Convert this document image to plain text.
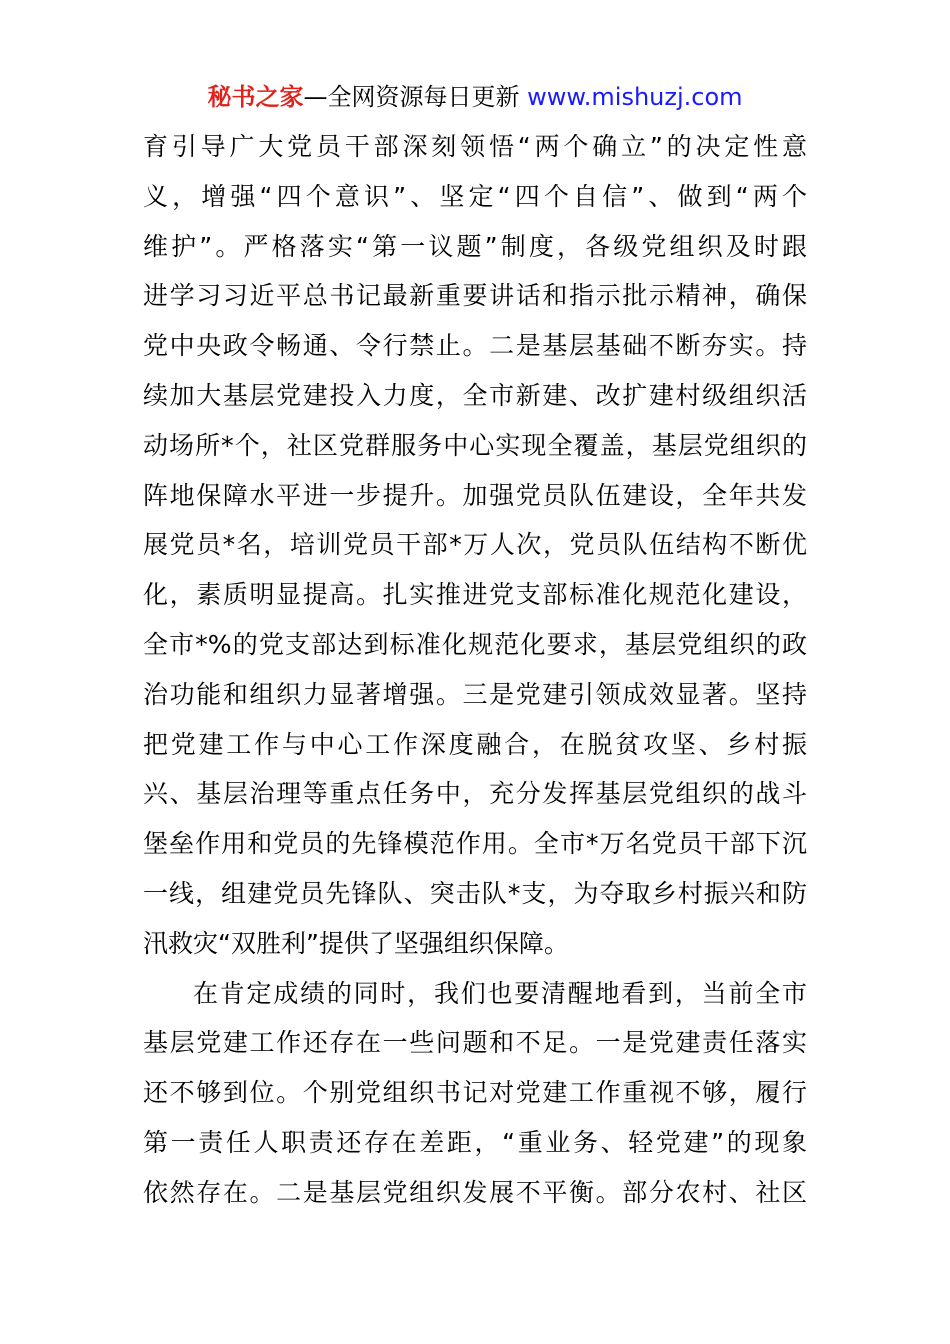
秘书之家—全网资源每日更新 www.mishuzj.com
育引导广大党员干部深刻领悟“两个确立”的决定性意
义，增强“四个意识”、坚定“四个自信”、做到“两个
维护”。严格落实“第一议题”制度，各级党组织及时跟
进学习习近平总书记最新重要讲话和指示批示精神，确保
党中央政令畅通、令行禁止。二是基层基础不断夯实。持
续加大基层党建投入力度，全市新建、改扩建村级组织活
动场所*个，社区党群服务中心实现全覆盖，基层党组织的
阵地保障水平进一步提升。加强党员队伍建设，全年共发
展党员*名，培训党员干部*万人次，党员队伍结构不断优
化，素质明显提高。扎实推进党支部标准化规范化建设，
全市*%的党支部达到标准化规范化要求，基层党组织的政
治功能和组织力显著增强。三是党建引领成效显著。坚持
把党建工作与中心工作深度融合，在脱贫攻坚、乡村振
兴、基层治理等重点任务中，充分发挥基层党组织的战斗
堡垒作用和党员的先锋模范作用。全市*万名党员干部下沉
一线，组建党员先锋队、突击队*支，为夺取乡村振兴和防
汛救灾“双胜利”提供了坚强组织保障。
在肯定成绩的同时，我们也要清醒地看到，当前全市
基层党建工作还存在一些问题和不足。一是党建责任落实
还不够到位。个别党组织书记对党建工作重视不够，履行
第一责任人职责还存在差距，“重业务、轻党建”的现象
依然存在。二是基层党组织发展不平衡。部分农村、社区
